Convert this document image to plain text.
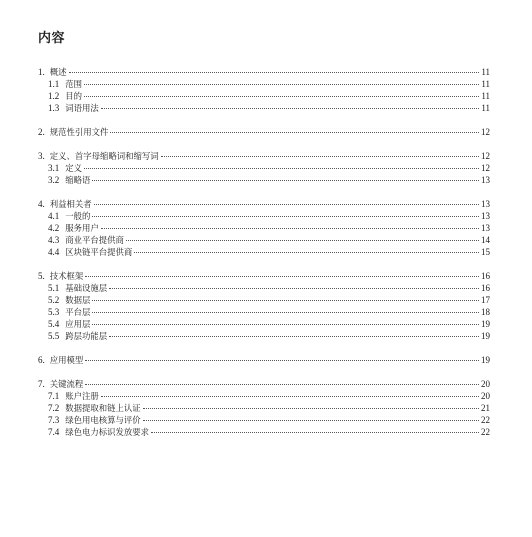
内容
1. 概述	11
1.1 范围	11
1.2 目的	11
1.3 词语用法	11
2. 规范性引用文件	12
3. 定义、首字母缩略词和缩写词	12
3.1 定义	12
3.2 缩略语	13
4. 利益相关者	13
4.1 一般的	13
4.2 服务用户	13
4.3 商业平台提供商	14
4.4 区块链平台提供商	15
5. 技术框架	16
5.1 基础设施层	16
5.2 数据层	17
5.3 平台层	18
5.4 应用层	19
5.5 跨层功能层	19
6. 应用模型	19
7. 关键流程	20
7.1 账户注册	20
7.2 数据提取和链上认证	21
7.3 绿色用电核算与评价	22
7.4 绿色电力标识发放要求	22
